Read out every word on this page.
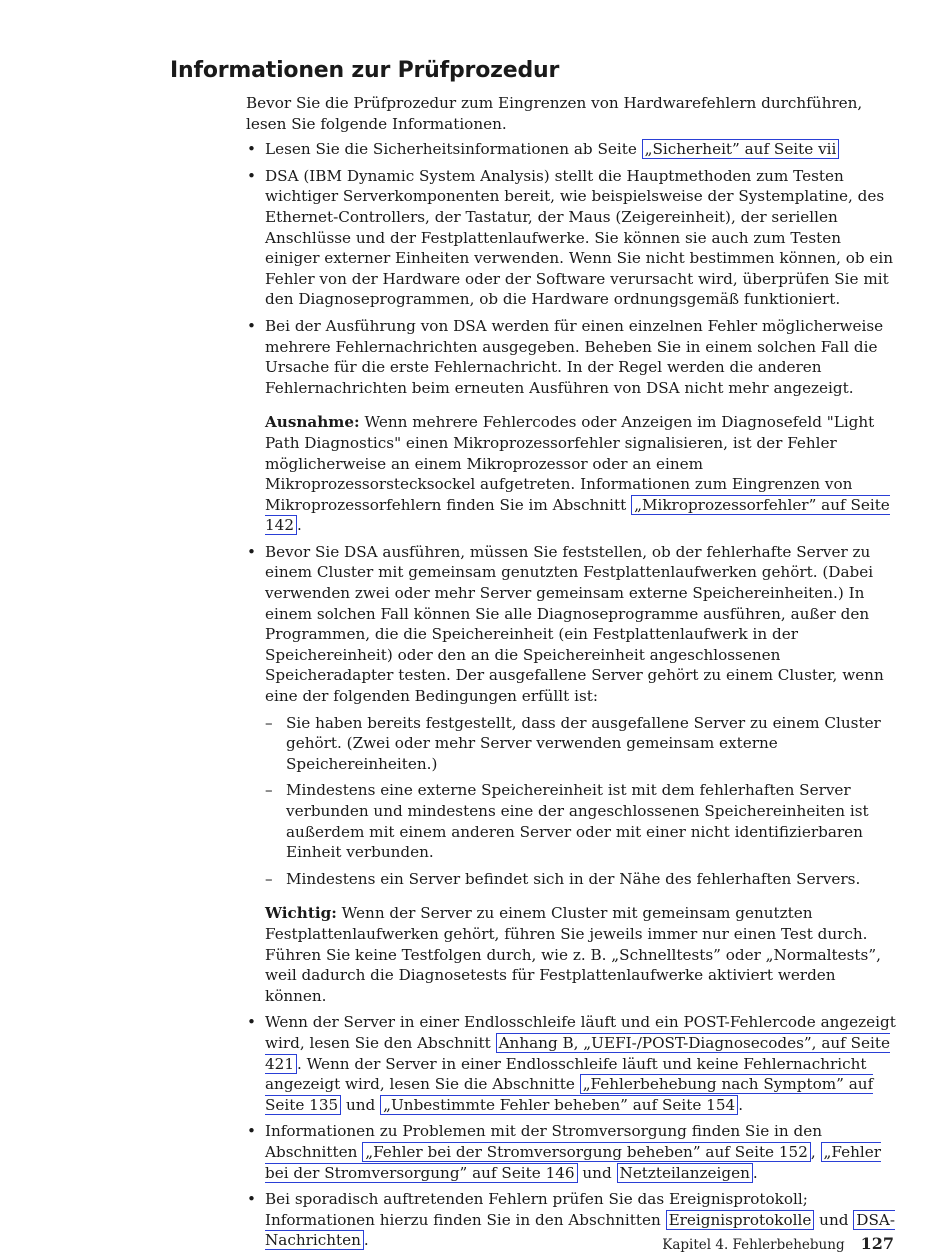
Informationen zur Prüfprozedur

Bevor Sie die Prüfprozedur zum Eingrenzen von Hardwarefehlern durchführen, lesen Sie folgende Informationen.

• Lesen Sie die Sicherheitsinformationen ab Seite „Sicherheit” auf Seite vii
• DSA (IBM Dynamic System Analysis) stellt die Hauptmethoden zum Testen wichtiger Serverkomponenten bereit, wie beispielsweise der Systemplatine, des Ethernet-Controllers, der Tastatur, der Maus (Zeigereinheit), der seriellen Anschlüsse und der Festplattenlaufwerke. Sie können sie auch zum Testen einiger externer Einheiten verwenden. Wenn Sie nicht bestimmen können, ob ein Fehler von der Hardware oder der Software verursacht wird, überprüfen Sie mit den Diagnoseprogrammen, ob die Hardware ordnungsgemäß funktioniert.
• Bei der Ausführung von DSA werden für einen einzelnen Fehler möglicherweise mehrere Fehlernachrichten ausgegeben. Beheben Sie in einem solchen Fall die Ursache für die erste Fehlernachricht. In der Regel werden die anderen Fehlernachrichten beim erneuten Ausführen von DSA nicht mehr angezeigt.

Ausnahme: Wenn mehrere Fehlercodes oder Anzeigen im Diagnosefeld "Light Path Diagnostics" einen Mikroprozessorfehler signalisieren, ist der Fehler möglicherweise an einem Mikroprozessor oder an einem Mikroprozessorstecksockel aufgetreten. Informationen zum Eingrenzen von Mikroprozessorfehlern finden Sie im Abschnitt „Mikroprozessorfehler” auf Seite 142 .

• Bevor Sie DSA ausführen, müssen Sie feststellen, ob der fehlerhafte Server zu einem Cluster mit gemeinsam genutzten Festplattenlaufwerken gehört. (Dabei verwenden zwei oder mehr Server gemeinsam externe Speichereinheiten.) In einem solchen Fall können Sie alle Diagnoseprogramme ausführen, außer den Programmen, die die Speichereinheit (ein Festplattenlaufwerk in der Speichereinheit) oder den an die Speichereinheit angeschlossenen Speicheradapter testen. Der ausgefallene Server gehört zu einem Cluster, wenn eine der folgenden Bedingungen erfüllt ist:
– Sie haben bereits festgestellt, dass der ausgefallene Server zu einem Cluster gehört. (Zwei oder mehr Server verwenden gemeinsam externe Speichereinheiten.)
– Mindestens eine externe Speichereinheit ist mit dem fehlerhaften Server verbunden und mindestens eine der angeschlossenen Speichereinheiten ist außerdem mit einem anderen Server oder mit einer nicht identifizierbaren Einheit verbunden.
– Mindestens ein Server befindet sich in der Nähe des fehlerhaften Servers.

Wichtig: Wenn der Server zu einem Cluster mit gemeinsam genutzten Festplattenlaufwerken gehört, führen Sie jeweils immer nur einen Test durch. Führen Sie keine Testfolgen durch, wie z. B. „Schnelltests” oder „Normaltests”, weil dadurch die Diagnosetests für Festplattenlaufwerke aktiviert werden können.

• Wenn der Server in einer Endlosschleife läuft und ein POST-Fehlercode angezeigt wird, lesen Sie den Abschnitt Anhang B, „UEFI-/POST-Diagnosecodes”, auf Seite 421 . Wenn der Server in einer Endlosschleife läuft und keine Fehlernachricht angezeigt wird, lesen Sie die Abschnitte „Fehlerbehebung nach Symptom” auf Seite 135 und „Unbestimmte Fehler beheben” auf Seite 154 .
• Informationen zu Problemen mit der Stromversorgung finden Sie in den Abschnitten „Fehler bei der Stromversorgung beheben” auf Seite 152 , „Fehler bei der Stromversorgung” auf Seite 146 und Netzteilanzeigen .
• Bei sporadisch auftretenden Fehlern prüfen Sie das Ereignisprotokoll; Informationen hierzu finden Sie in den Abschnitten Ereignisprotokolle und DSA-Nachrichten .	Kapitel 4. Fehlerbehebung 127
